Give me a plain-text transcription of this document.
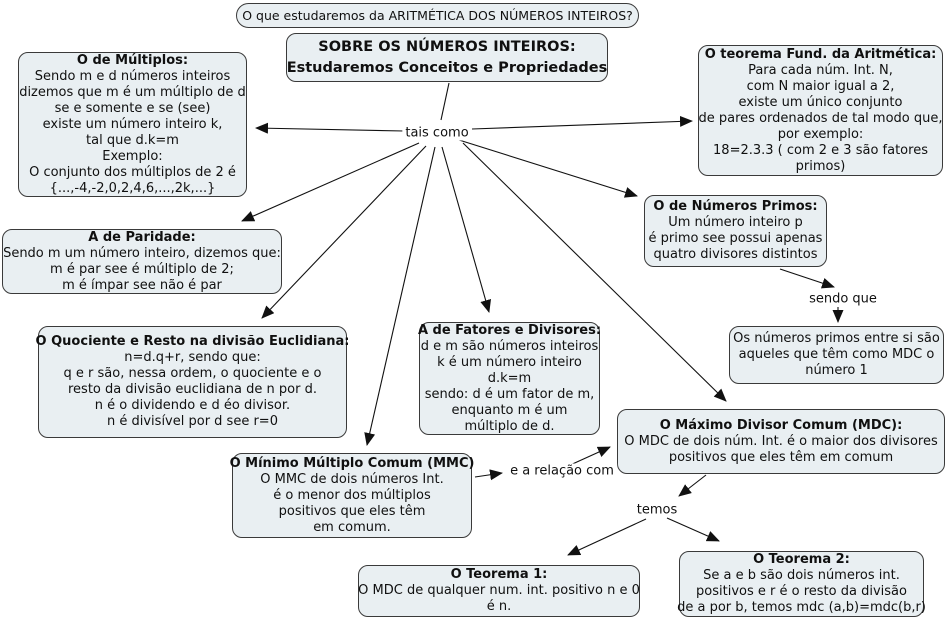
O que estudaremos da ARITMÉTICA DOS NÚMEROS INTEIROS?
SOBRE OS NÚMEROS INTEIROS:
Estudaremos Conceitos e Propriedades
O de Múltiplos:
Sendo m e d números inteiros
dizemos que m é um múltiplo de d
se e somente e se (see)
existe um número inteiro k,
tal que d.k=m
Exemplo:
O conjunto dos múltiplos de 2 é
{...,-4,-2,0,2,4,6,...,2k,...}
O teorema Fund. da Aritmética:
Para cada núm. Int. N,
com N maior igual a 2,
existe um único conjunto
de pares ordenados de tal modo que,
por exemplo:
18=2.3.3 ( com 2 e 3 são fatores
primos)
A de Paridade:
Sendo m um número inteiro, dizemos que:
m é par see é múltiplo de 2;
m é ímpar see não é par
O de Números Primos:
Um número inteiro p
é primo see possui apenas
quatro divisores distintos
Os números primos entre si são
aqueles que têm como MDC o
número 1
O Quociente e Resto na divisão Euclidiana:
n=d.q+r, sendo que:
q e r são, nessa ordem, o quociente e o
resto da divisão euclidiana de n por d.
n é o dividendo e d éo divisor.
n é divisível por d see r=0
A de Fatores e Divisores:
d e m são números inteiros
k é um número inteiro
d.k=m
sendo: d é um fator de m,
enquanto m é um
múltiplo de d.	O Máximo Divisor Comum (MDC):
O MDC de dois núm. Int. é o maior dos divisores
positivos que eles têm em comum
O Mínimo Múltiplo Comum (MMC)
O MMC de dois números Int.
é o menor dos múltiplos
positivos que eles têm
em comum.
O Teorema 1:
O MDC de qualquer num. int. positivo n e 0
é n.
O Teorema 2:
Se a e b são dois números int.
positivos e r é o resto da divisão
de a por b, temos mdc (a,b)=mdc(b,r)
tais como
sendo que
e a relação com
temos
